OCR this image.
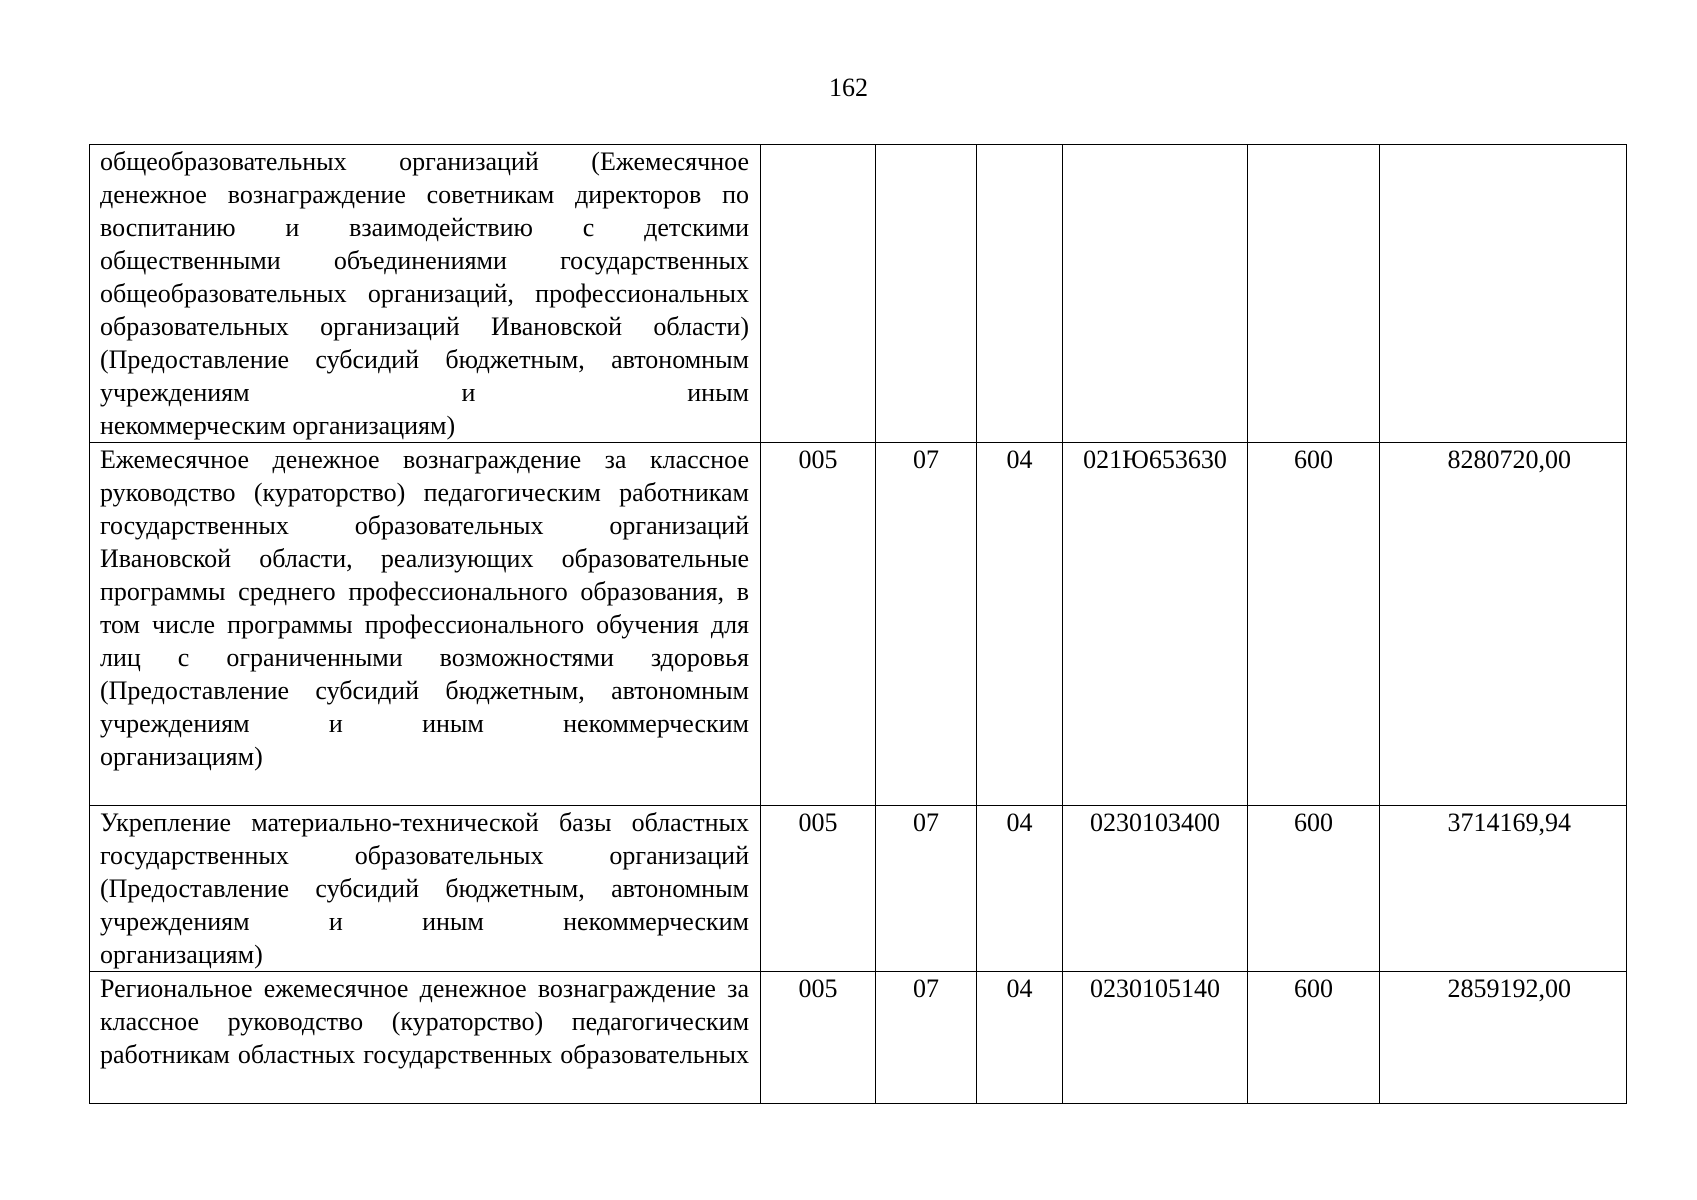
162
общеобразовательных организаций (Ежемесячное денежное вознаграждение советникам директоров по воспитанию и взаимодействию с детскими общественными объединениями государственных общеобразовательных организаций, профессиональных образовательных организаций Ивановской области) (Предоставление субсидий бюджетным, автономным учреждениям и иным
некоммерческим организациям)						

Ежемесячное денежное вознаграждение за классное руководство (кураторство) педагогическим работникам государственных образовательных организаций Ивановской области, реализующих образовательные программы среднего профессионального образования, в том числе программы профессионального обучения для лиц с ограниченными возможностями здоровья (Предоставление субсидий бюджетным, автономным учреждениям и иным некоммерческим
организациям)	005	07	04	021Ю653630	600	8280720,00
Укрепление материально-технической базы областных государственных образовательных организаций (Предоставление субсидий бюджетным, автономным учреждениям и иным некоммерческим
организациям)	005	07	04	0230103400	600	3714169,94
Региональное ежемесячное денежное вознаграждение за классное руководство (кураторство) педагогическим работникам областных государственных образовательных	005	07	04	0230105140	600	2859192,00
